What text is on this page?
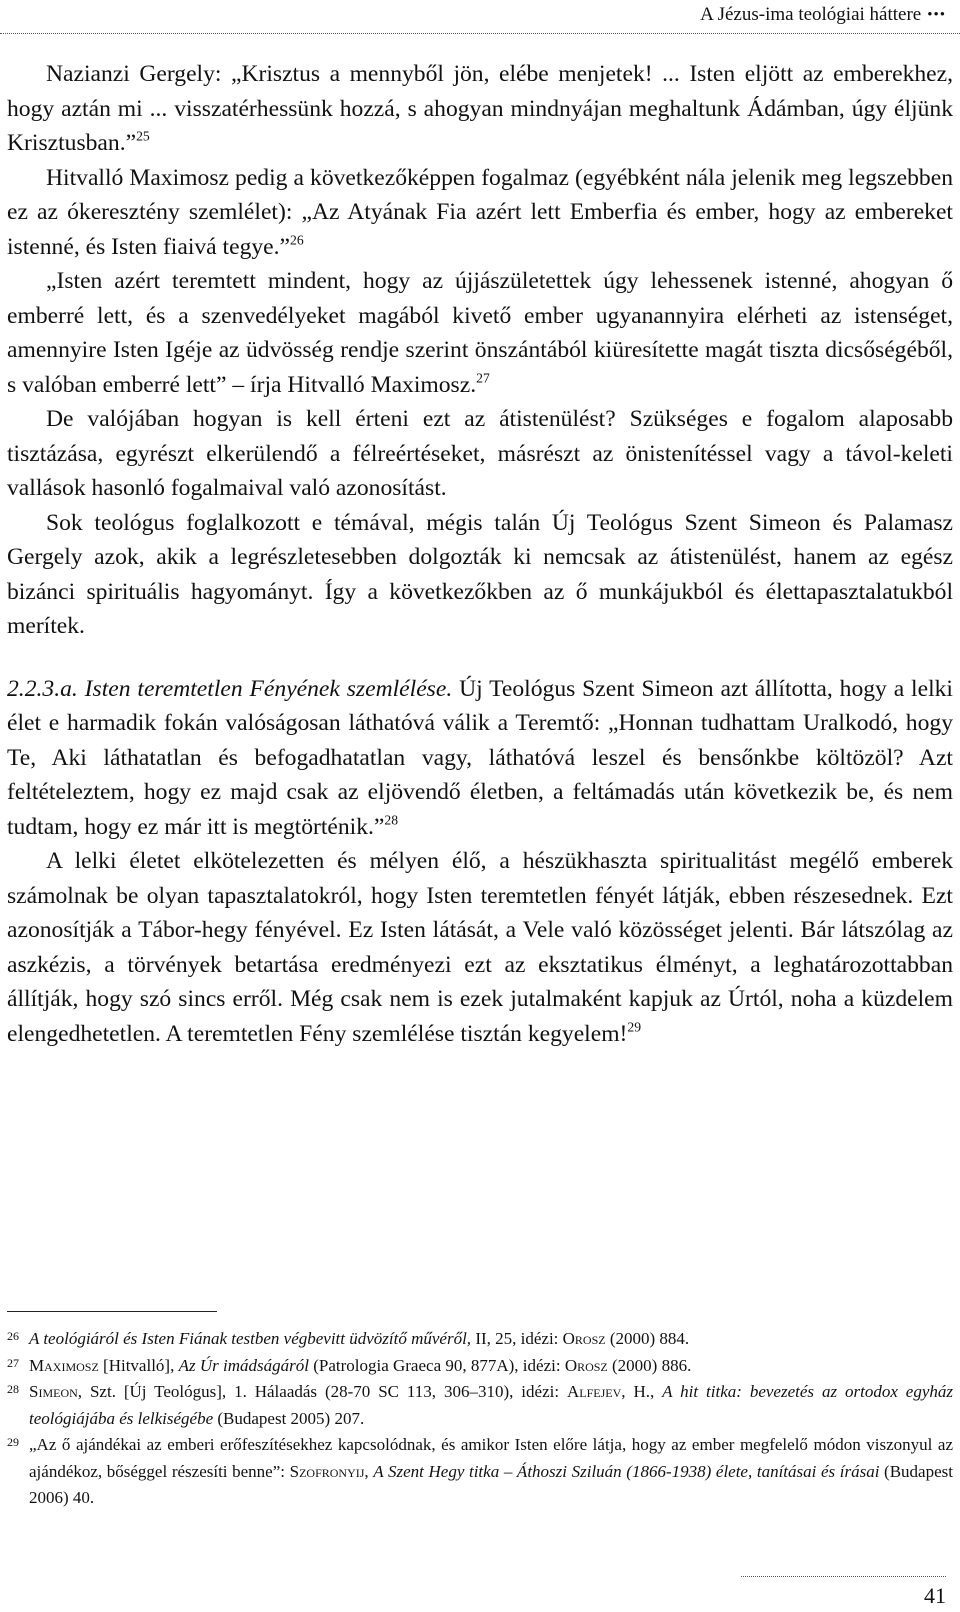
A Jézus-ima teológiai háttere •••

Nazianzi Gergely: „Krisztus a mennyből jön, elébe menjetek! ... Isten eljött az emberekhez, hogy aztán mi ... visszatérhessünk hozzá, s ahogyan mindnyájan meghaltunk Ádámban, úgy éljünk Krisztusban.”$^{25}$

Hitvalló Maximosz pedig a következőképpen fogalmaz (egyébként nála jelenik meg legszebben ez az ókeresztény szemlélet): „Az Atyának Fia azért lett Emberfia és ember, hogy az embereket istenné, és Isten fiaivá tegye.”$^{26}$

„Isten azért teremtett mindent, hogy az újjászületettek úgy lehessenek istenné, ahogyan ő emberré lett, és a szenvedélyeket magából kivető ember ugyanannyira elérheti az istenséget, amennyire Isten Igéje az üdvösség rendje szerint önszántából kiüresítette magát tiszta dicsőségéből, s valóban emberré lett” – írja Hitvalló Maximosz.$^{27}$

De valójában hogyan is kell érteni ezt az átistenülést? Szükséges e fogalom alaposabb tisztázása, egyrészt elkerülendő a félreértéseket, másrészt az önistenítéssel vagy a távol-keleti vallások hasonló fogalmaival való azonosítást.

Sok teológus foglalkozott e témával, mégis talán Új Teológus Szent Simeon és Palamasz Gergely azok, akik a legrészletesebben dolgozták ki nemcsak az átistenülést, hanem az egész bizánci spirituális hagyományt. Így a következőkben az ő munkájukból és élettapasztalatukból merítek.

2.2.3.a. Isten teremtetlen Fényének szemlélése. Új Teológus Szent Simeon azt állította, hogy a lelki élet e harmadik fokán valóságosan láthatóvá válik a Teremtő: „Honnan tudhattam Uralkodó, hogy Te, Aki láthatatlan és befogadhatatlan vagy, láthatóvá leszel és bensőnkbe költözöl? Azt feltételeztem, hogy ez majd csak az eljövendő életben, a feltámadás után következik be, és nem tudtam, hogy ez már itt is megtörténik.”$^{28}$

A lelki életet elkötelezetten és mélyen élő, a hészükhaszta spiritualitást megélő emberek számolnak be olyan tapasztalatokról, hogy Isten teremtetlen fényét látják, ebben részesednek. Ezt azonosítják a Tábor-hegy fényével. Ez Isten látását, a Vele való közösséget jelenti. Bár látszólag az aszkézis, a törvények betartása eredményezi ezt az eksztatikus élményt, a leghatározottabban állítják, hogy szó sincs erről. Még csak nem is ezek jutalmaként kapjuk az Úrtól, noha a küzdelem elengedhetetlen. A teremtetlen Fény szemlélése tisztán kegyelem!$^{29}$

26 A teológiáról és Isten Fiának testben végbevitt üdvözítő művéről, II, 25, idézi: Orosz (2000) 884.
27 Maximosz [Hitvalló], Az Úr imádságáról (Patrologia Graeca 90, 877A), idézi: Orosz (2000) 886.
28 Simeon, Szt. [Új Teológus], 1. Hálaadás (28-70 SC 113, 306–310), idézi: Alfejev, H., A hit titka: bevezetés az ortodox egyház teológiájába és lelkiségébe (Budapest 2005) 207.
29 „Az ő ajándékai az emberi erőfeszítésekhez kapcsolódnak, és amikor Isten előre látja, hogy az ember megfelelő módon viszonyul az ajándékoz, bőséggel részesíti benne”: Szofronyij, A Szent Hegy titka – Áthoszi Sziluán (1866-1938) élete, tanításai és írásai (Budapest 2006) 40.
41
